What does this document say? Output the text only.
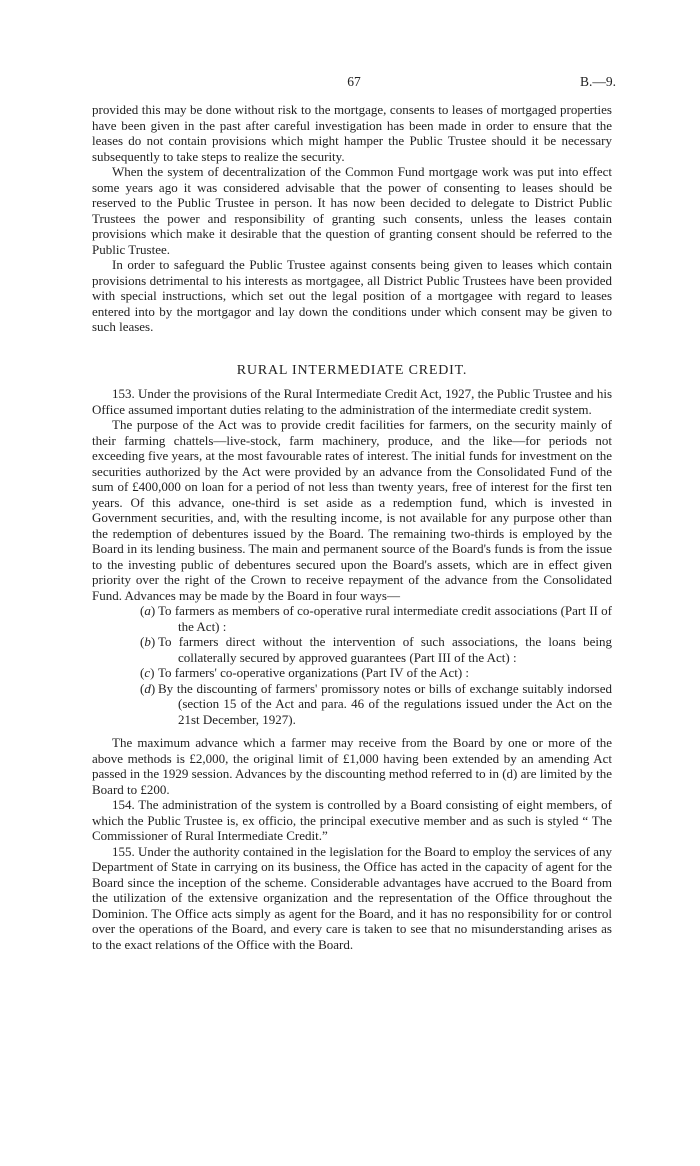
67	B.—9.

provided this may be done without risk to the mortgage, consents to leases of mortgaged properties have been given in the past after careful investigation has been made in order to ensure that the leases do not contain provisions which might hamper the Public Trustee should it be necessary subsequently to take steps to realize the security.

When the system of decentralization of the Common Fund mortgage work was put into effect some years ago it was considered advisable that the power of consenting to leases should be reserved to the Public Trustee in person. It has now been decided to delegate to District Public Trustees the power and responsibility of granting such consents, unless the leases contain provisions which make it desirable that the question of granting consent should be referred to the Public Trustee.

In order to safeguard the Public Trustee against consents being given to leases which contain provisions detrimental to his interests as mortgagee, all District Public Trustees have been provided with special instructions, which set out the legal position of a mortgagee with regard to leases entered into by the mortgagor and lay down the conditions under which consent may be given to such leases.

RURAL INTERMEDIATE CREDIT.

153. Under the provisions of the Rural Intermediate Credit Act, 1927, the Public Trustee and his Office assumed important duties relating to the administration of the intermediate credit system.

The purpose of the Act was to provide credit facilities for farmers, on the security mainly of their farming chattels—live-stock, farm machinery, produce, and the like—for periods not exceeding five years, at the most favourable rates of interest. The initial funds for investment on the securities authorized by the Act were provided by an advance from the Consolidated Fund of the sum of £400,000 on loan for a period of not less than twenty years, free of interest for the first ten years. Of this advance, one-third is set aside as a redemption fund, which is invested in Government securities, and, with the resulting income, is not available for any purpose other than the redemption of debentures issued by the Board. The remaining two-thirds is employed by the Board in its lending business. The main and permanent source of the Board's funds is from the issue to the investing public of debentures secured upon the Board's assets, which are in effect given priority over the right of the Crown to receive repayment of the advance from the Consolidated Fund. Advances may be made by the Board in four ways—

( a ) To farmers as members of co-operative rural intermediate credit associations (Part II of the Act) :
( b ) To farmers direct without the intervention of such associations, the loans being collaterally secured by approved guarantees (Part III of the Act) :
( c ) To farmers' co-operative organizations (Part IV of the Act) :
( d ) By the discounting of farmers' promissory notes or bills of exchange suitably indorsed (section 15 of the Act and para. 46 of the regulations issued under the Act on the 21st December, 1927).

The maximum advance which a farmer may receive from the Board by one or more of the above methods is £2,000, the original limit of £1,000 having been extended by an amending Act passed in the 1929 session. Advances by the discounting method referred to in (d) are limited by the Board to £200.

154. The administration of the system is controlled by a Board consisting of eight members, of which the Public Trustee is, ex officio, the principal executive member and as such is styled “ The Commissioner of Rural Intermediate Credit.”

155. Under the authority contained in the legislation for the Board to employ the services of any Department of State in carrying on its business, the Office has acted in the capacity of agent for the Board since the inception of the scheme. Considerable advantages have accrued to the Board from the utilization of the extensive organization and the representation of the Office throughout the Dominion. The Office acts simply as agent for the Board, and it has no responsibility for or control over the operations of the Board, and every care is taken to see that no misunderstanding arises as to the exact relations of the Office with the Board.
